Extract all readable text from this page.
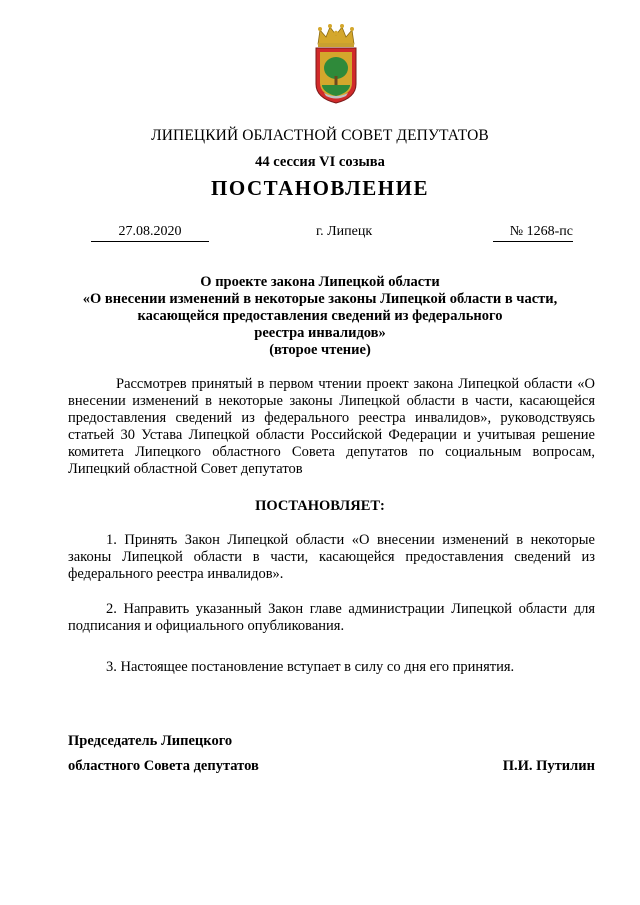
ЛИПЕЦКИЙ ОБЛАСТНОЙ СОВЕТ ДЕПУТАТОВ
44 сессия VI созыва
ПОСТАНОВЛЕНИЕ
27.08.2020	г. Липецк	№ 1268-пс
О проекте закона Липецкой области
«О внесении изменений в некоторые законы Липецкой области в части,
касающейся предоставления сведений из федерального
реестра инвалидов»
(второе чтение)
Рассмотрев принятый в первом чтении проект закона Липецкой области «О внесении изменений в некоторые законы Липецкой области в части, касающейся предоставления сведений из федерального реестра инвалидов», руководствуясь статьей 30 Устава Липецкой области Российской Федерации и учитывая решение комитета Липецкого областного Совета депутатов по социальным вопросам, Липецкий областной Совет депутатов
ПОСТАНОВЛЯЕТ:
1. Принять Закон Липецкой области «О внесении изменений в некоторые законы Липецкой области в части, касающейся предоставления сведений из федерального реестра инвалидов».
2. Направить указанный Закон главе администрации Липецкой области для подписания и официального опубликования.
3. Настоящее постановление вступает в силу со дня его принятия.
Председатель Липецкого
областного Совета депутатов	П.И. Путилин
